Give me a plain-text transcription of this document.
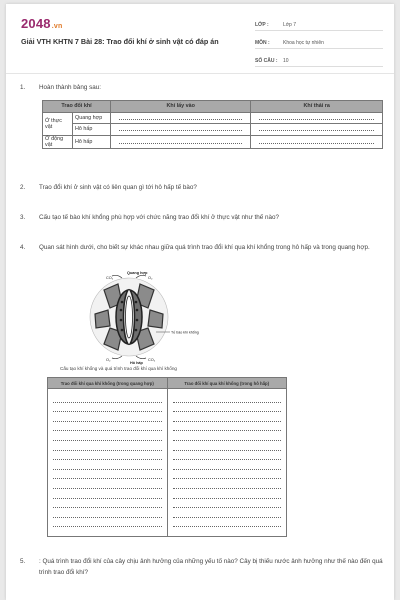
2048.vn
Giải VTH KHTN 7 Bài 28: Trao đổi khí ở sinh vật có đáp án
LỚP :	Lớp 7
MÔN :	Khoa học tự nhiên
SỐ CÂU :	10
1. Hoàn thành bảng sau:
Trao đổi khí		Khí lấy vào	Khí thải ra
Ở thực vật	Quang hợp	

	Hô hấp	

Ở động vật	Hô hấp	

2. Trao đổi khí ở sinh vật có liên quan gì tới hô hấp tế bào?
3. Cấu tạo tế bào khí khổng phù hợp với chức năng trao đổi khí ở thực vật như thế nào?
4. Quan sát hình dưới, cho biết sự khác nhau giữa quá trình trao đổi khí qua khí khổng trong hô hấp và trong quang hợp.
Quang hợp
Hô hấp
Tế bào khí khổng
CO₂	O₂
O₂	CO₂
Cấu tạo khí khổng và quá trình trao đổi khí qua khí khổng
Trao đổi khí qua khí khổng (trong quang hợp)	Trao đổi khí qua khí khổng (trong hô hấp)
5. : Quá trình trao đổi khí của cây chịu ảnh hưởng của những yếu tố nào? Cây bị thiếu nước ảnh hưởng như thế nào đến quá trình trao đổi khí?
